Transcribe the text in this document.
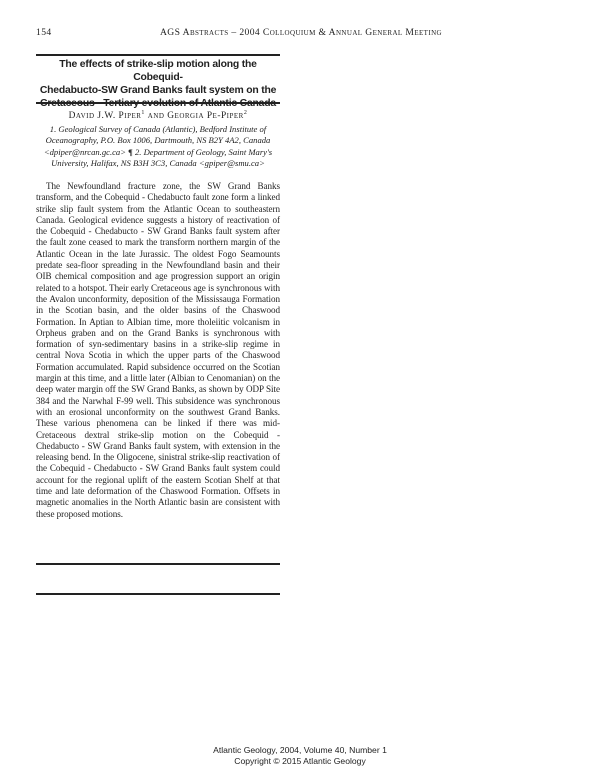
154	AGS Abstracts – 2004 Colloquium & Annual General Meeting
The effects of strike-slip motion along the Cobequid-
Chedabucto-SW Grand Banks fault system on the
Cretaceous - Tertiary evolution of Atlantic Canada
David J.W. Piper$^1$ and Georgia Pe-Piper$^2$
1. Geological Survey of Canada (Atlantic), Bedford Institute of
Oceanography, P.O. Box 1006, Dartmouth, NS B2Y 4A2, Canada
<dpiper@nrcan.gc.ca> ¶ 2. Department of Geology, Saint Mary's
University, Halifax, NS B3H 3C3, Canada <gpiper@smu.ca>

The Newfoundland fracture zone, the SW Grand Banks transform, and the Cobequid - Chedabucto fault zone form a linked strike slip fault system from the Atlantic Ocean to southeastern Canada. Geological evidence suggests a history of reactivation of the Cobequid - Chedabucto - SW Grand Banks fault system after the fault zone ceased to mark the transform northern margin of the Atlantic Ocean in the late Jurassic. The oldest Fogo Seamounts predate sea-floor spreading in the Newfoundland basin and their OIB chemical composition and age progression support an origin related to a hotspot. Their early Cretaceous age is synchronous with the Avalon unconformity, deposition of the Mississauga Formation in the Scotian basin, and the older basins of the Chaswood Formation. In Aptian to Albian time, more tholeiitic volcanism in Orpheus graben and on the Grand Banks is synchronous with formation of syn-sedimentary basins in a strike-slip regime in central Nova Scotia in which the upper parts of the Chaswood Formation accumulated. Rapid subsidence occurred on the Scotian margin at this time, and a little later (Albian to Cenomanian) on the deep water margin off the SW Grand Banks, as shown by ODP Site 384 and the Narwhal F-99 well. This subsidence was synchronous with an erosional unconformity on the southwest Grand Banks. These various phenomena can be linked if there was mid-Cretaceous dextral strike-slip motion on the Cobequid - Chedabucto - SW Grand Banks fault system, with extension in the releasing bend. In the Oligocene, sinistral strike-slip reactivation of the Cobequid - Chedabucto - SW Grand Banks fault system could account for the regional uplift of the eastern Scotian Shelf at that time and late deformation of the Chaswood Formation. Offsets in magnetic anomalies in the North Atlantic basin are consistent with these proposed motions.

Atlantic Geology, 2004, Volume 40, Number 1
Copyright © 2015 Atlantic Geology
